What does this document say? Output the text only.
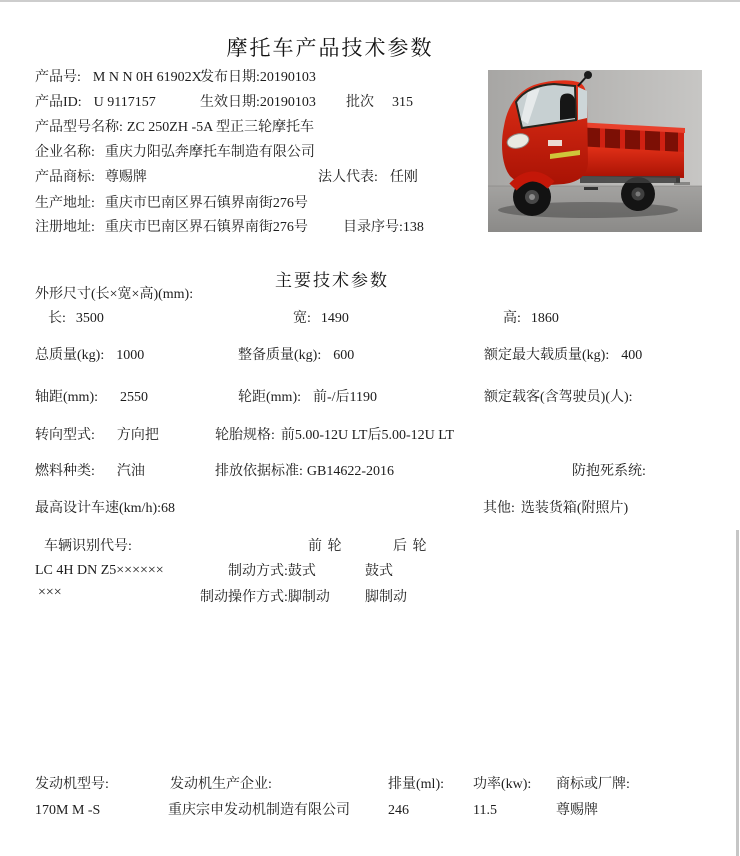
摩托车产品技术参数
产品号: M N N 0H 61902X
发布日期:20190103
产品ID: U 9117157	生效日期:20190103 批次 315
产品型号名称: ZC 250ZH -5A 型正三轮摩托车
企业名称: 重庆力阳弘奔摩托车制造有限公司
产品商标: 尊赐牌	法人代表: 任刚
生产地址: 重庆市巴南区界石镇界南街276号
注册地址: 重庆市巴南区界石镇界南街276号	目录序号:138
主要技术参数
外形尺寸(长×宽×高)(mm):
长: 3500	宽: 1490	高: 1860
总质量(kg): 1000	整备质量(kg): 600	额定最大载质量(kg): 400
轴距(mm): 2550	轮距(mm): 前-/后1190	额定载客(含驾驶员)(人):
转向型式: 方向把	轮胎规格: 前5.00-12U LT后5.00-12U LT
燃料种类: 汽油	排放依据标准: GB14622-2016	防抱死系统:
最高设计车速(km/h):68	其他: 选装货箱(附照片)
车辆识别代号:	前 轮	后 轮
LC 4H DN Z5××××××	制动方式:鼓式	鼓式
×××	制动操作方式:脚制动	脚制动
发动机型号:	发动机生产企业:	排量(ml): 功率(kw): 商标或厂牌:
170M M -S	重庆宗申发动机制造有限公司	246	11.5	尊赐牌
